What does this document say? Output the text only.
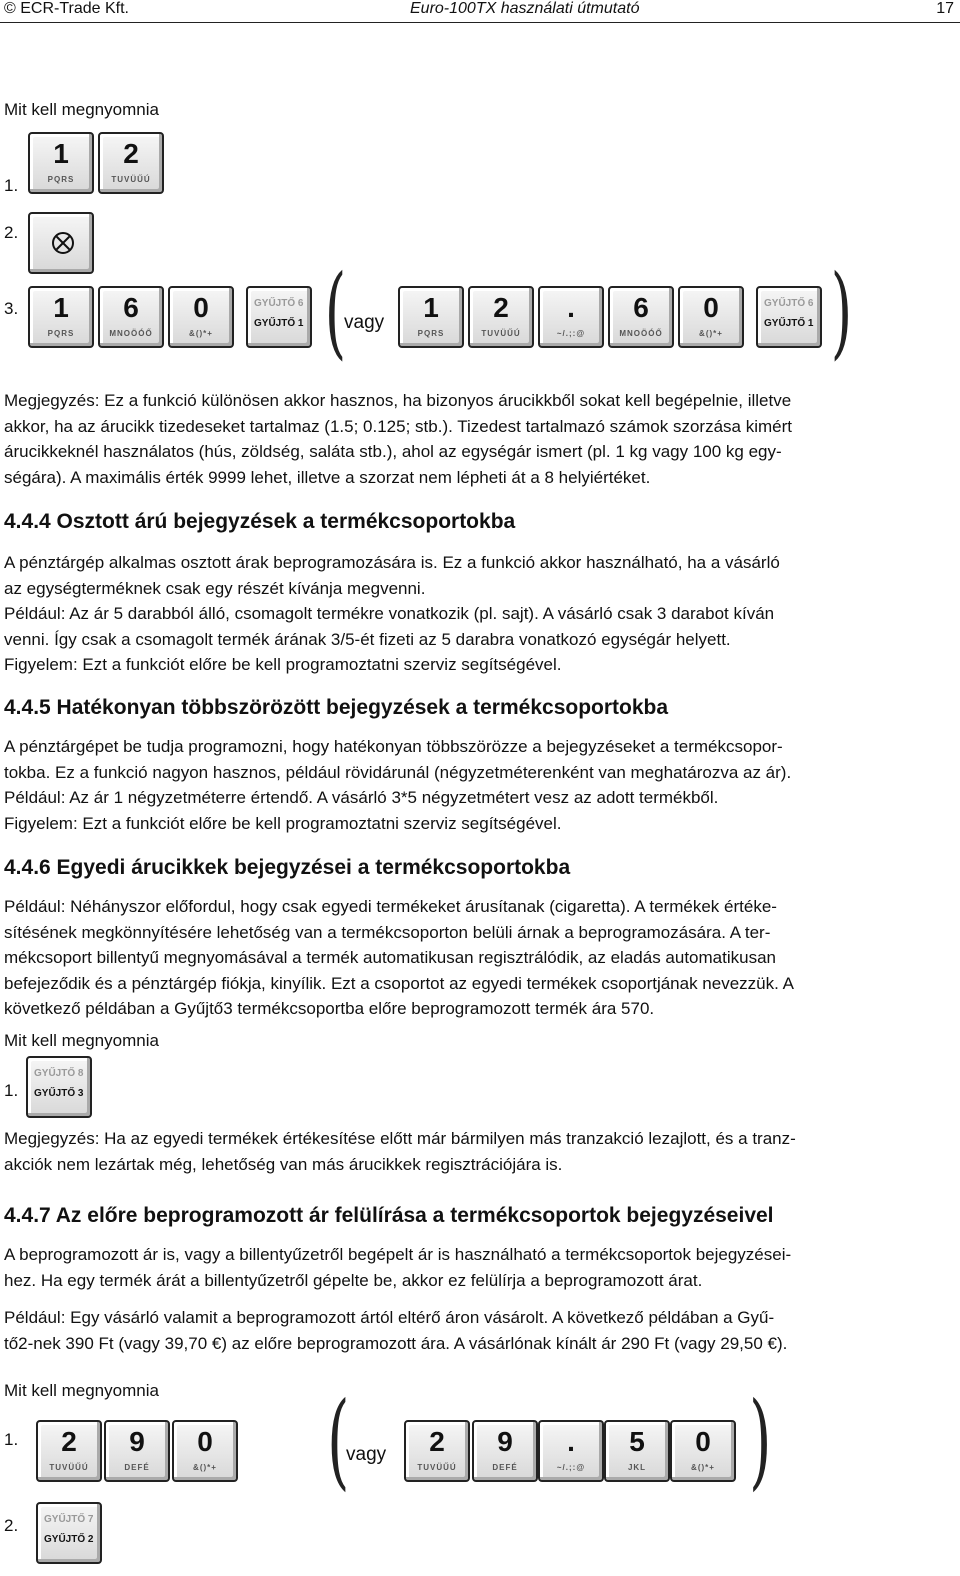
© ECR-Trade Kft.	Euro-100TX használati útmutató	17
Mit kell megnyomnia
1.
1
PQRS
2
TUVÜŰÚ
2.
3.	1
PQRS
6
MNOÖÓŐ
0
&()*+
GYŰJTŐ 6
GYŰJTŐ 1 (
vagy	1
PQRS
2
TUVÜŰÚ
.
~/.;:@
6
MNOÖÓŐ
0
&()*+
GYŰJTŐ 6
GYŰJTŐ 1 )
Megjegyzés: Ez a funkció különösen akkor hasznos, ha bizonyos árucikkből sokat kell begépelnie, illetve
akkor, ha az árucikk tizedeseket tartalmaz (1.5; 0.125; stb.). Tizedest tartalmazó számok szorzása kimért
árucikkeknél használatos (hús, zöldség, saláta stb.), ahol az egységár ismert (pl. 1 kg vagy 100 kg egy-
ségára). A maximális érték 9999 lehet, illetve a szorzat nem lépheti át a 8 helyiértéket.
4.4.4 Osztott árú bejegyzések a termékcsoportokba
A pénztárgép alkalmas osztott árak beprogramozására is. Ez a funkció akkor használható, ha a vásárló
az egységterméknek csak egy részét kívánja megvenni.
Például: Az ár 5 darabból álló, csomagolt termékre vonatkozik (pl. sajt). A vásárló csak 3 darabot kíván
venni. Így csak a csomagolt termék árának 3/5-ét fizeti az 5 darabra vonatkozó egységár helyett.
Figyelem: Ezt a funkciót előre be kell programoztatni szerviz segítségével.
4.4.5 Hatékonyan többszörözött bejegyzések a termékcsoportokba
A pénztárgépet be tudja programozni, hogy hatékonyan többszörözze a bejegyzéseket a termékcsopor-
tokba. Ez a funkció nagyon hasznos, például rövidárunál (négyzetméterenként van meghatározva az ár).
Például: Az ár 1 négyzetméterre értendő. A vásárló 3*5 négyzetmétert vesz az adott termékből.
Figyelem: Ezt a funkciót előre be kell programoztatni szerviz segítségével.
4.4.6 Egyedi árucikkek bejegyzései a termékcsoportokba
Például: Néhányszor előfordul, hogy csak egyedi termékeket árusítanak (cigaretta). A termékek értéke-
sítésének megkönnyítésére lehetőség van a termékcsoporton belüli árnak a beprogramozására. A ter-
mékcsoport billentyű megnyomásával a termék automatikusan regisztrálódik, az eladás automatikusan
befejeződik és a pénztárgép fiókja, kinyílik. Ezt a csoportot az egyedi termékek csoportjának nevezzük. A
következő példában a Gyűjtő3 termékcsoportba előre beprogramozott termék ára 570.
Mit kell megnyomnia
1.
GYŰJTŐ 8
GYŰJTŐ 3
Megjegyzés: Ha az egyedi termékek értékesítése előtt már bármilyen más tranzakció lezajlott, és a tranz-
akciók nem lezártak még, lehetőség van más árucikkek regisztrációjára is.
4.4.7 Az előre beprogramozott ár felülírása a termékcsoportok bejegyzéseivel
A beprogramozott ár is, vagy a billentyűzetről begépelt ár is használható a termékcsoportok bejegyzései-
hez. Ha egy termék árát a billentyűzetről gépelte be, akkor ez felülírja a beprogramozott árat.
Például: Egy vásárló valamit a beprogramozott ártól eltérő áron vásárolt. A következő példában a Gyű-
tő2-nek 390 Ft (vagy 39,70 €) az előre beprogramozott ára. A vásárlónak kínált ár 290 Ft (vagy 29,50 €).
Mit kell megnyomnia
1.	2
TUVÜŰÚ
9
DEFÉ
0
&()*+ (
vagy	2
TUVÜŰÚ
9
DEFÉ
.
~/.;:@
5
JKL
0
&()*+ )
2.	GYŰJTŐ 7
GYŰJTŐ 2
